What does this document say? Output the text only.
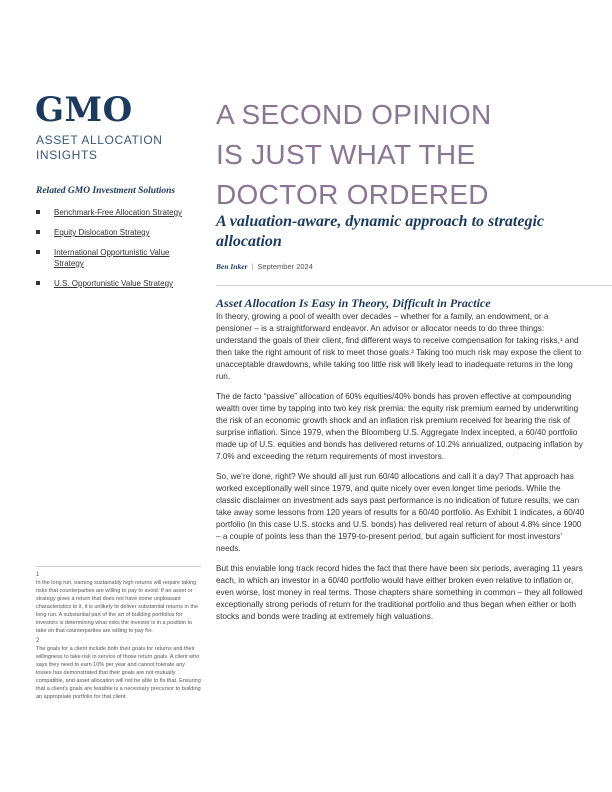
GMO
ASSET ALLOCATION
INSIGHTS
Related GMO Investment Solutions
Benchmark-Free Allocation Strategy
Equity Dislocation Strategy
International Opportunistic Value Strategy
U.S. Opportunistic Value Strategy
A SECOND OPINION
IS JUST WHAT THE
DOCTOR ORDERED
A valuation-aware, dynamic approach to strategic allocation
Ben Inker | September 2024
Asset Allocation Is Easy in Theory, Difficult in Practice

In theory, growing a pool of wealth over decades – whether for a family, an endowment, or a pensioner – is a straightforward endeavor. An advisor or allocator needs to do three things: understand the goals of their client, find different ways to receive compensation for taking risks,¹ and then take the right amount of risk to meet those goals.² Taking too much risk may expose the client to unacceptable drawdowns, while taking too little risk will likely lead to inadequate returns in the long run.

The de facto “passive” allocation of 60% equities/40% bonds has proven effective at compounding wealth over time by tapping into two key risk premia: the equity risk premium earned by underwriting the risk of an economic growth shock and an inflation risk premium received for bearing the risk of surprise inflation. Since 1979, when the Bloomberg U.S. Aggregate Index incepted, a 60/40 portfolio made up of U.S. equities and bonds has delivered returns of 10.2% annualized, outpacing inflation by 7.0% and exceeding the return requirements of most investors.

So, we’re done, right? We should all just run 60/40 allocations and call it a day? That approach has worked exceptionally well since 1979, and quite nicely over even longer time periods. While the classic disclaimer on investment ads says past performance is no indication of future results, we can take away some lessons from 120 years of results for a 60/40 portfolio. As Exhibit 1 indicates, a 60/40 portfolio (in this case U.S. stocks and U.S. bonds) has delivered real return of about 4.8% since 1900 – a couple of points less than the 1979-to-present period, but again sufficient for most investors’ needs.

But this enviable long track record hides the fact that there have been six periods, averaging 11 years each, in which an investor in a 60/40 portfolio would have either broken even relative to inflation or, even worse, lost money in real terms. Those chapters share something in common – they all followed exceptionally strong periods of return for the traditional portfolio and thus began when either or both stocks and bonds were trading at extremely high valuations.

1
In the long run, earning sustainably high returns will require taking risks that counterparties are willing to pay to avoid. If an asset or strategy gives a return that does not have some unpleasant characteristics to it, it is unlikely to deliver substantial returns in the long run. A substantial part of the art of building portfolios for investors is determining what risks the investor is in a position to take on that counterparties are willing to pay for.
2
The goals for a client include both their goals for returns and their willingness to take risk in service of those return goals. A client who says they need to earn 10% per year and cannot tolerate any losses has demonstrated that their goals are not mutually compatible, and asset allocation will not be able to fix that. Ensuring that a client’s goals are feasible is a necessary precursor to building an appropriate portfolio for that client.
